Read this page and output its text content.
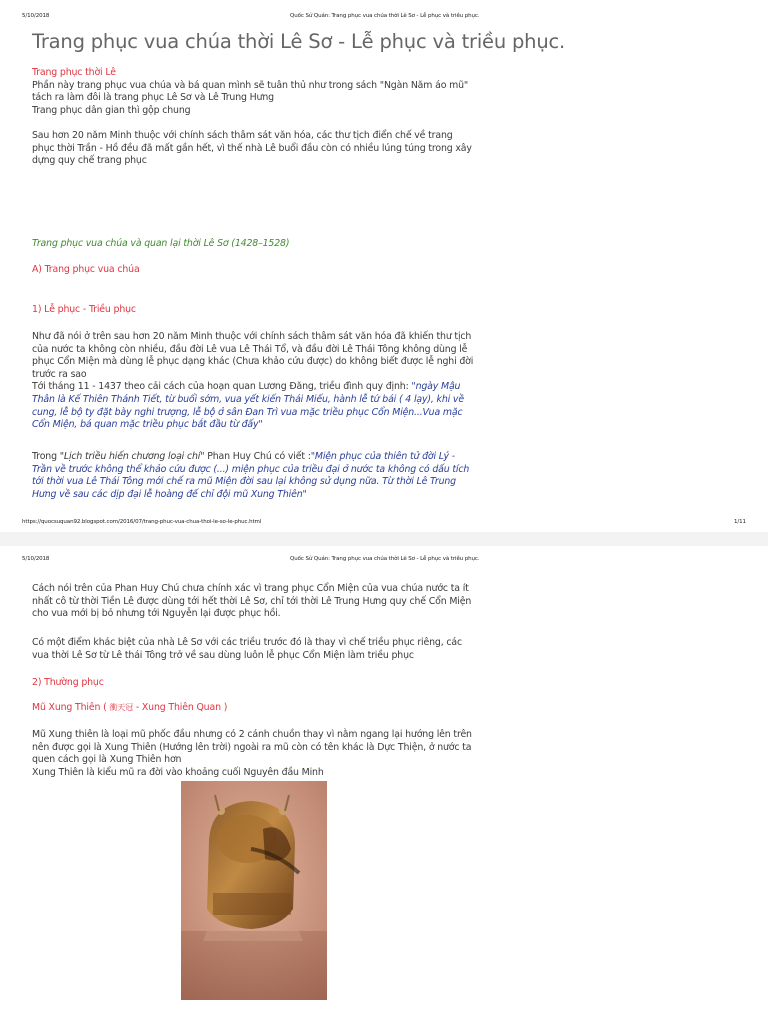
5/10/2018	Quốc Sử Quán: Trang phục vua chúa thời Lê Sơ - Lễ phục và triều phục.
Trang phục vua chúa thời Lê Sơ - Lễ phục và triều phục.

Trang phục thời Lê

Phần này trang phục vua chúa và bá quan mình sẽ tuân thủ như trong sách "Ngàn Năm áo mũ"

tách ra làm đôi là trang phục Lê Sơ và Lê Trung Hưng

Trang phục dân gian thì gộp chung

Sau hơn 20 năm Minh thuộc với chính sách thâm sát văn hóa, các thư tịch điển chế về trang phục thời Trần - Hồ đều đã mất gần hết, vì thế nhà Lê buổi đầu còn có nhiều lúng túng trong xây dựng quy chế trang phục

Trang phục vua chúa và quan lại thời Lê Sơ (1428–1528)
A) Trang phục vua chúa
1) Lễ phục - Triều phục

Như đã nói ở trên sau hơn 20 năm Minh thuộc với chính sách thâm sát văn hóa đã khiến thư tịch của nước ta không còn nhiều, đầu đời Lê vua Lê Thái Tổ, và đầu đời Lê Thái Tông không dùng lễ phục Cổn Miện mà dùng lễ phục dạng khác (Chưa khảo cứu được) do không biết được lễ nghi đời trước ra sao

Tới tháng 11 - 1437 theo cải cách của hoạn quan Lương Đăng, triều đình quy định: "ngày Mậu Thân là Kế Thiên Thánh Tiết, từ buổi sớm, vua yết kiến Thái Miếu, hành lễ tứ bái ( 4 lạy), khi về cung, lễ bộ ty đặt bày nghi trượng, lễ bộ ở sân Đan Trì vua mặc triều phục Cổn Miện...Vua mặc Cổn Miện, bá quan mặc triều phục bắt đầu từ đấy"

Trong "Lịch triều hiến chương loại chí" Phan Huy Chú có viết :"Miện phục của thiên tử đời Lý - Trần về trước không thể khảo cứu được (...) miện phục của triều đại ở nước ta không có dấu tích tới thời vua Lê Thái Tông mới chế ra mũ Miện đời sau lại không sử dụng nữa. Từ thời Lê Trung Hưng về sau các dịp đại lễ hoàng đế chỉ đội mũ Xung Thiên"

https://quocsuquan92.blogspot.com/2016/07/trang-phuc-vua-chua-thoi-le-so-le-phuc.html	1/11
5/10/2018	Quốc Sử Quán: Trang phục vua chúa thời Lê Sơ - Lễ phục và triều phục.

Cách nói trên của Phan Huy Chú chưa chính xác vì trang phục Cổn Miện của vua chúa nước ta ít nhất cô từ thời Tiền Lê được dùng tới hết thời Lê Sơ, chỉ tới thời Lê Trung Hưng quy chế Cổn Miện cho vua mới bị bỏ nhưng tới Nguyễn lại được phục hồi.

Có một điểm khác biệt của nhà Lê Sơ với các triều trước đó là thay vì chế triều phục riêng, các vua thời Lê Sơ từ Lê thái Tông trở về sau dùng luôn lễ phục Cổn Miện làm triều phục

2) Thường phục
Mũ Xung Thiên ( 衝天冠 - Xung Thiên Quan )

Mũ Xung thiên là loại mũ phốc đầu nhưng có 2 cánh chuồn thay vì nằm ngang lại hướng lên trên nên được gọi là Xung Thiên (Hướng lên trời) ngoài ra mũ còn có tên khác là Dực Thiện, ở nước ta quen cách gọi là Xung Thiên hơn

Xung Thiên là kiểu mũ ra đời vào khoảng cuối Nguyên đầu Minh
